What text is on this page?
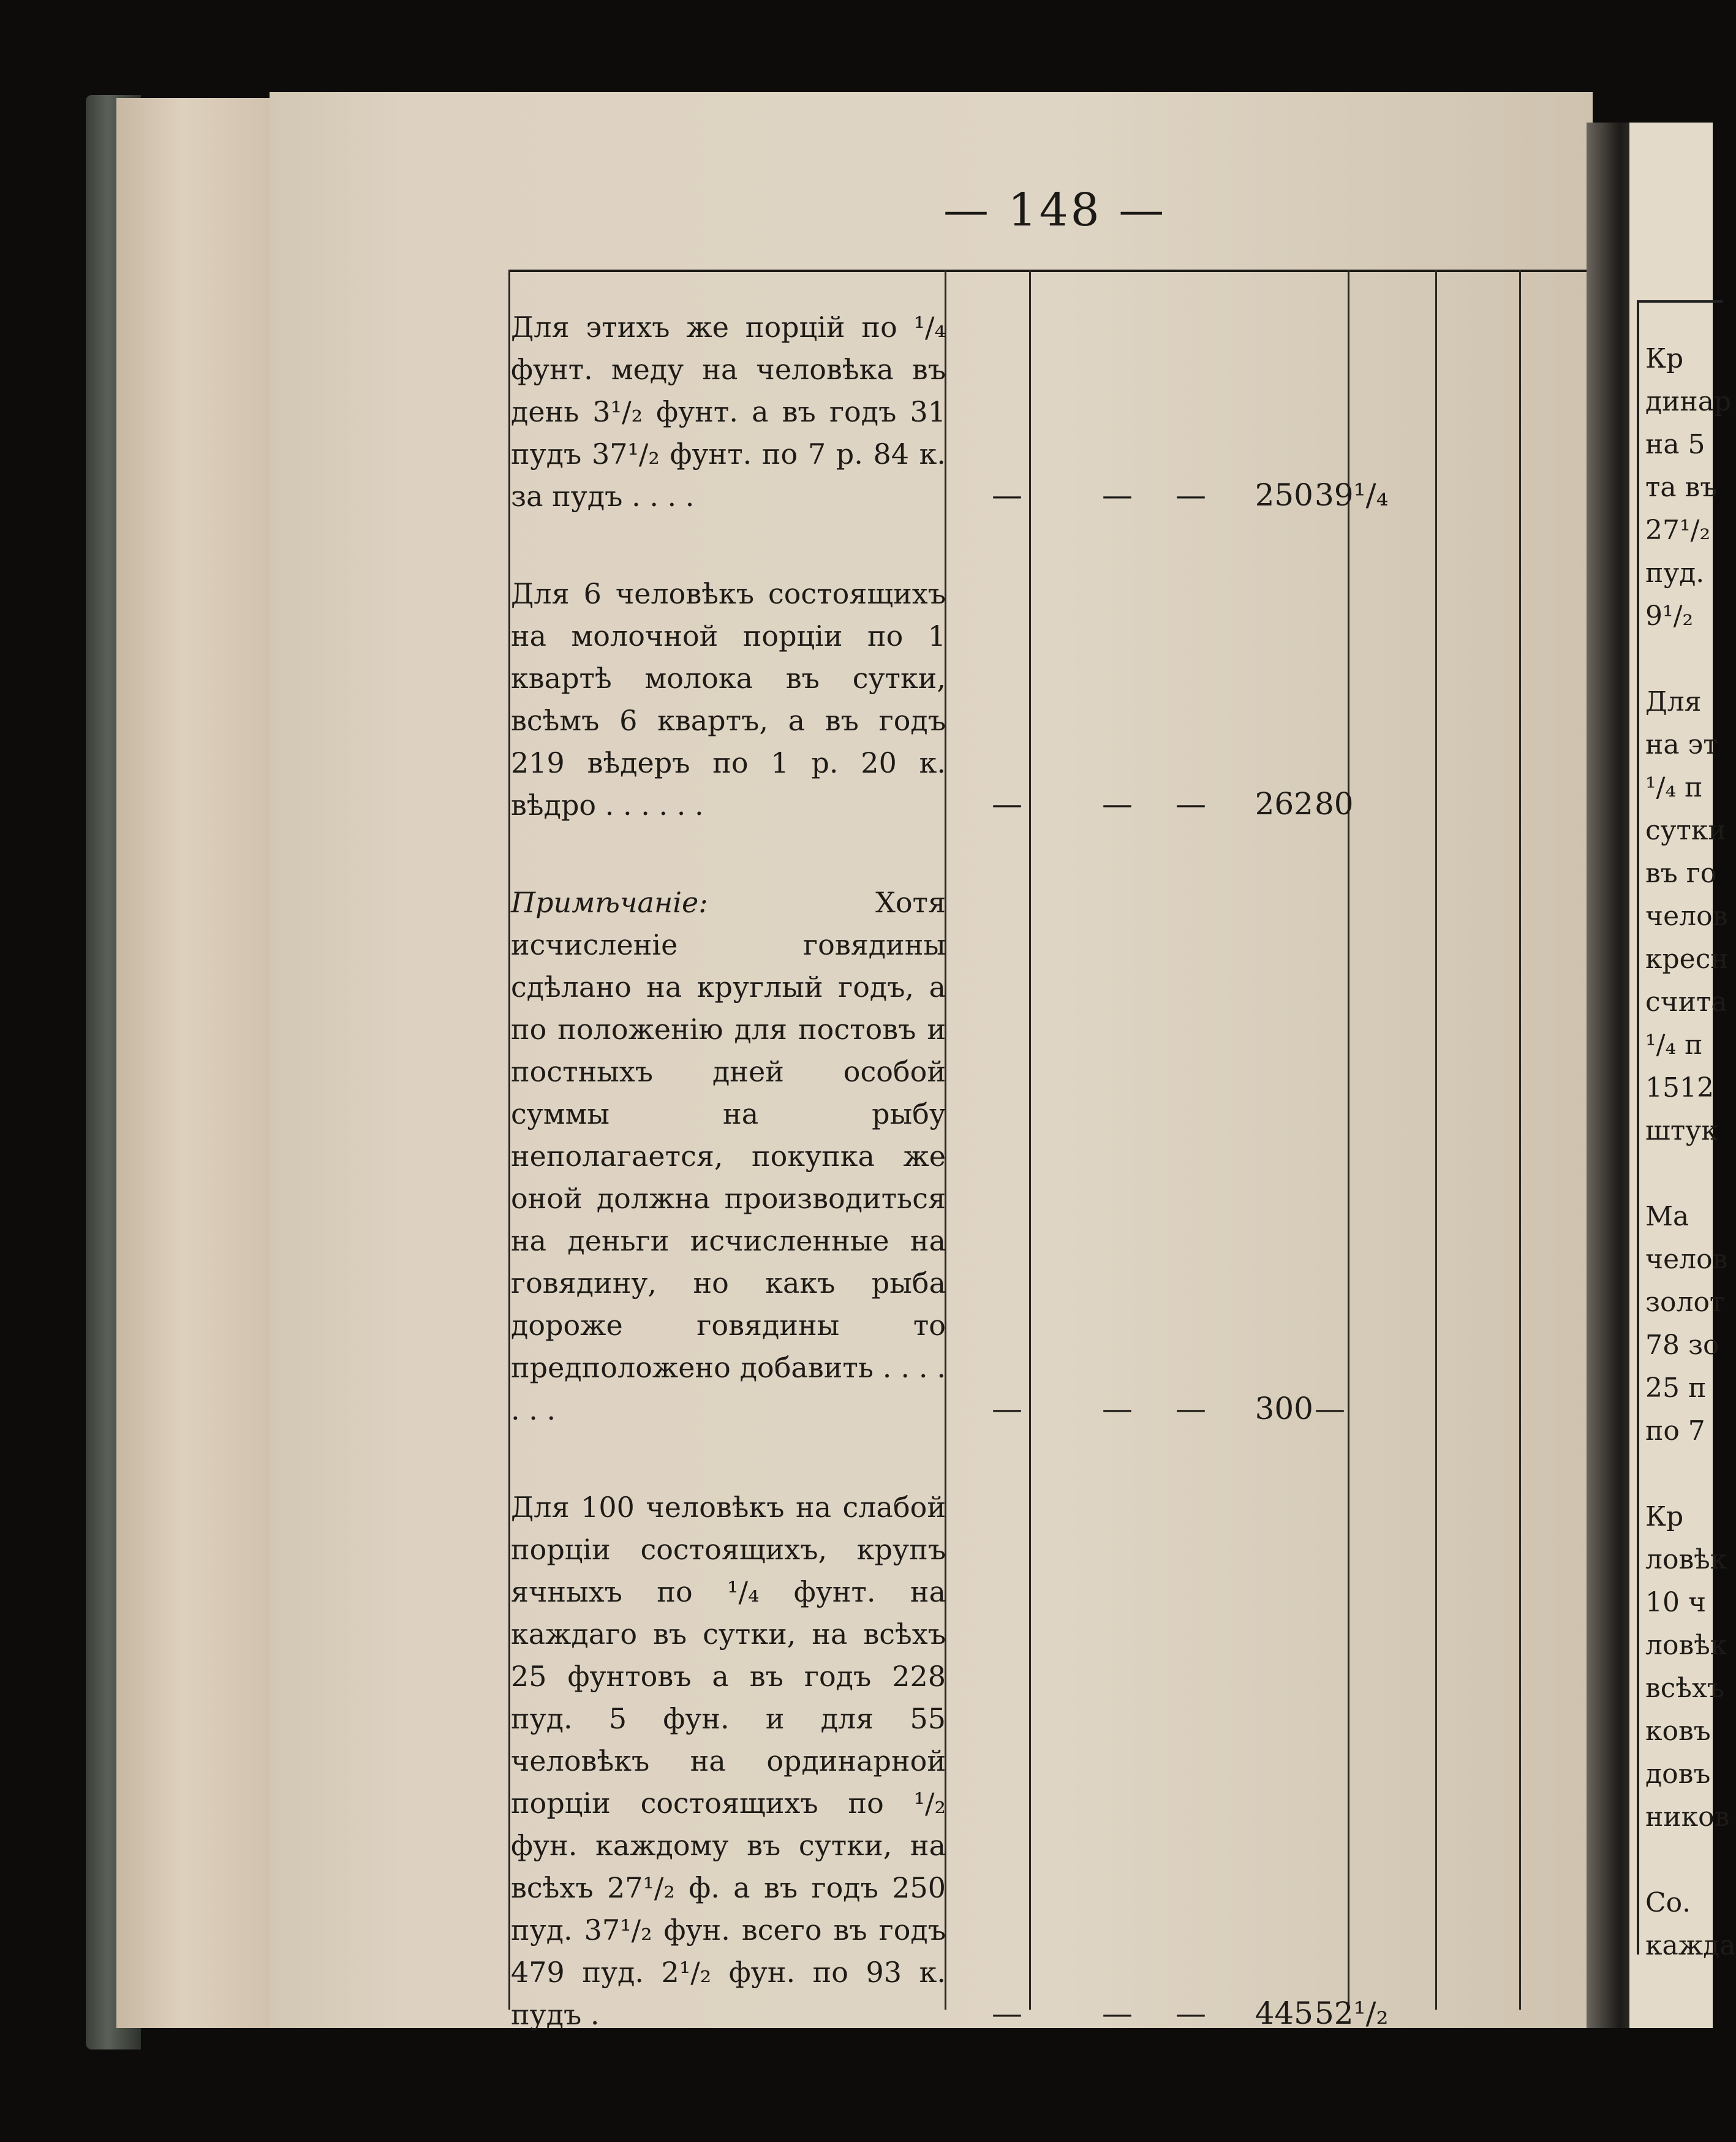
Кр
динар
на 5
та въ
27¹/₂
пуд.
9¹/₂
Для
на эт
¹/₄ п
сутки
въ го
челов
кресн
счита
¹/₄ п
1512
штук
Ма
челов
золот
78 зо
25 п
по 7
Кр
ловѣк
10 ч
ловѣк
всѣхъ
ковъ
довъ
ников
Со.
кажда
— 148 —
Для этихъ же порцій по ¹/₄ фунт. меду на человѣка въ день 3¹/₂ фунт. а въ годъ 31 пудъ 37¹/₂ фунт. по 7 р. 84 к. за пудъ . . . .	—	—	—	250 39¹/₄
Для 6 человѣкъ состоящихъ на молочной порціи по 1 квартѣ молока въ сутки, всѣмъ 6 квартъ, а въ годъ 219 вѣдеръ по 1 р. 20 к. вѣдро . . . . . .	—	—	—	262 80
Примѣчаніе: Хотя исчисленіе говядины сдѣлано на круглый годъ, а по положенію для постовъ и постныхъ дней особой суммы на рыбу неполагается, покупка же оной должна производиться на деньги исчисленные на говядину, но какъ рыба дороже говядины то предположено добавить . . . . . . .	—	—	—	300 —
Для 100 человѣкъ на слабой порціи состоящихъ, крупъ ячныхъ по ¹/₄ фунт. на каждаго въ сутки, на всѣхъ 25 фунтовъ а въ годъ 228 пуд. 5 фун. и для 55 человѣкъ на ординарной порціи состоящихъ по ¹/₂ фун. каждому въ сутки, на всѣхъ 27¹/₂ ф. а въ годъ 250 пуд. 37¹/₂ фун. всего въ годъ 479 пуд. 2¹/₂ фун. по 93 к. пудъ .	—	—	—	445 52¹/₂
